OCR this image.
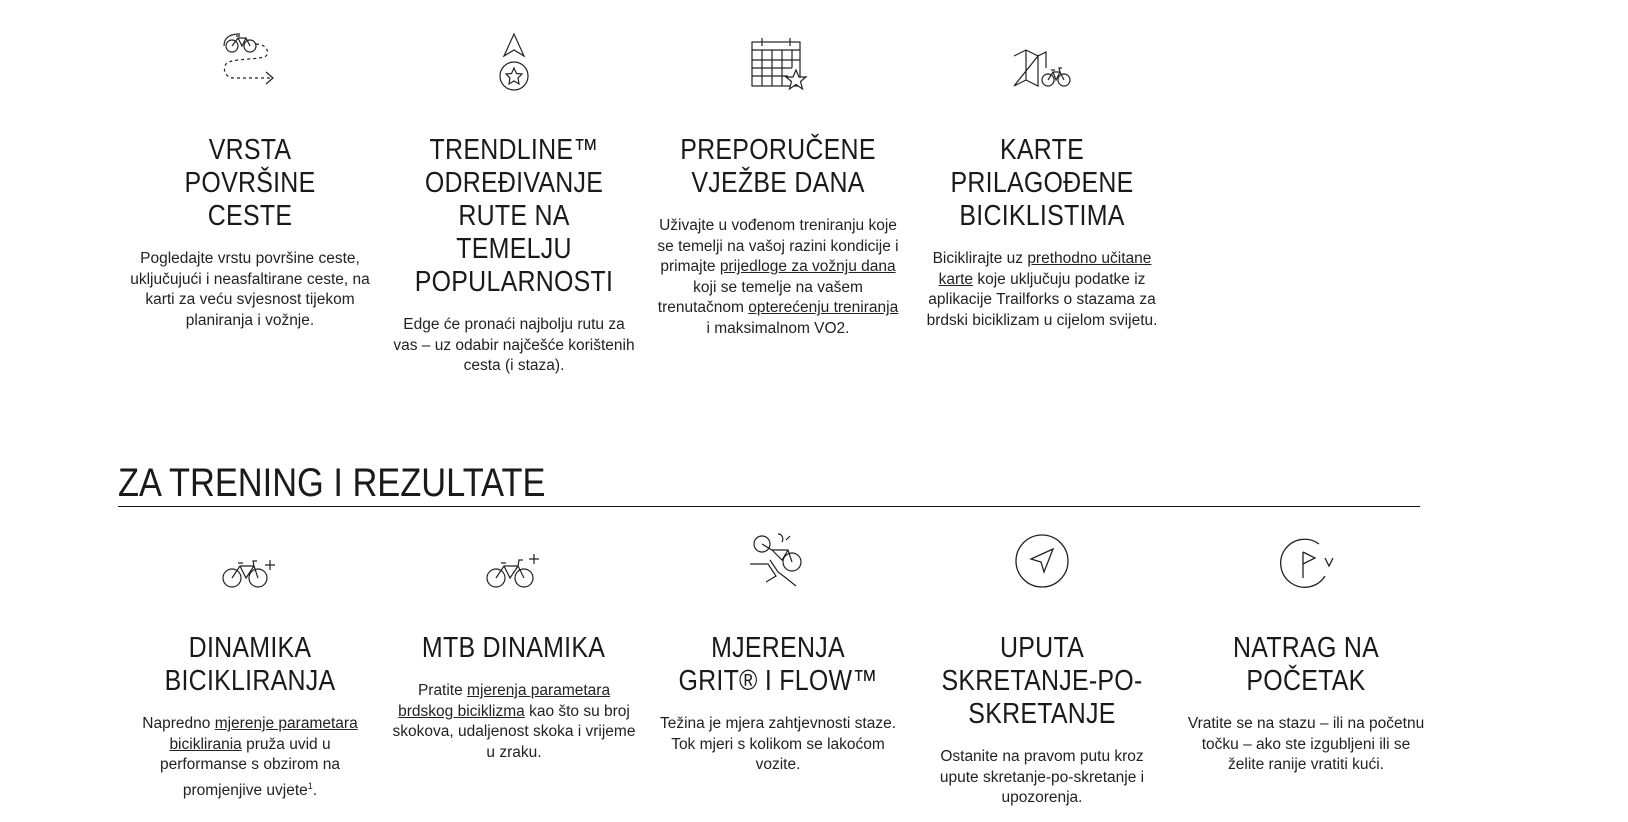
VRSTA POVRŠINE CESTE
Pogledajte vrstu površine ceste, uključujući i neasfaltirane ceste, na karti za veću svjesnost tijekom planiranja i vožnje.
TRENDLINE™ ODREĐIVANJE RUTE NA TEMELJU POPULARNOSTI
Edge će pronaći najbolju rutu za vas – uz odabir najčešće korištenih cesta (i staza).
PREPORUČENE VJEŽBE DANA
Uživajte u vođenom treniranju koje se temelji na vašoj razini kondicije i primajte prijedloge za vožnju dana koji se temelje na vašem trenutačnom opterećenju treniranja i maksimalnom VO2.
KARTE PRILAGOĐENE BICIKLISTIMA
Biciklirajte uz prethodno učitane karte koje uključuju podatke iz aplikacije Trailforks o stazama za brdski biciklizam u cijelom svijetu.
ZA TRENING I REZULTATE
DINAMIKA BICIKLIRANJA
Napredno mjerenje parametara biciklirania pruža uvid u performanse s obzirom na promjenjive uvjete$^1$.
MTB DINAMIKA
Pratite mjerenja parametara brdskog biciklizma kao što su broj skokova, udaljenost skoka i vrijeme u zraku.
MJERENJA GRIT® I FLOW™
Težina je mjera zahtjevnosti staze. Tok mjeri s kolikom se lakoćom vozite.
UPUTA SKRETANJE-PO-SKRETANJE
Ostanite na pravom putu kroz upute skretanje-po-skretanje i upozorenja.
NATRAG NA POČETAK
Vratite se na stazu – ili na početnu točku – ako ste izgubljeni ili se želite ranije vratiti kući.
